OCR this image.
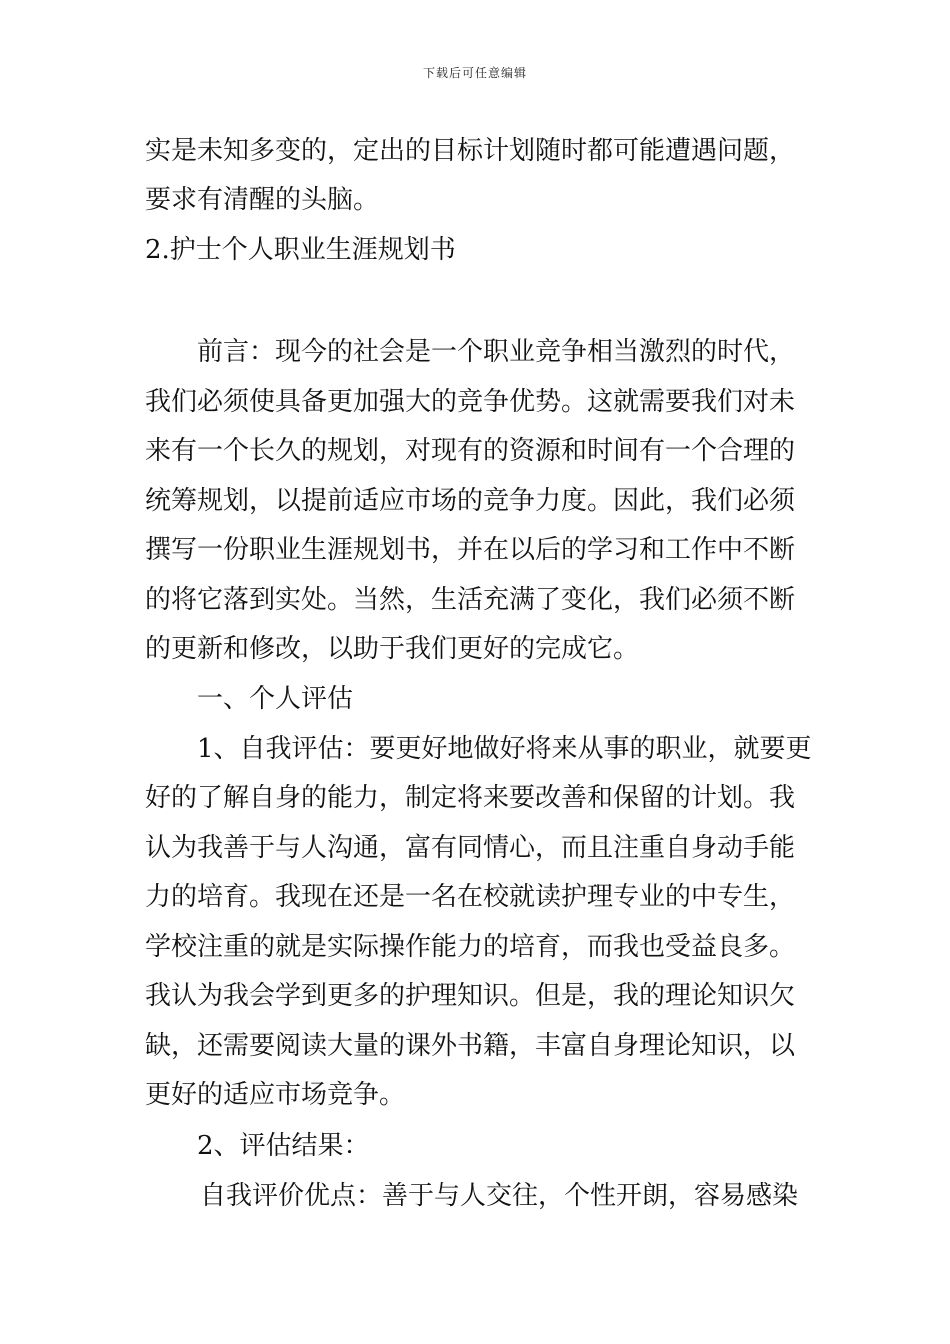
下载后可任意编辑
实是未知多变的，定出的目标计划随时都可能遭遇问题，
要求有清醒的头脑。
2.护士个人职业生涯规划书
前言：现今的社会是一个职业竞争相当激烈的时代，
我们必须使具备更加强大的竞争优势。这就需要我们对未
来有一个长久的规划，对现有的资源和时间有一个合理的
统筹规划，以提前适应市场的竞争力度。因此，我们必须
撰写一份职业生涯规划书，并在以后的学习和工作中不断
的将它落到实处。当然，生活充满了变化，我们必须不断
的更新和修改，以助于我们更好的完成它。
一、个人评估
1、自我评估：要更好地做好将来从事的职业，就要更
好的了解自身的能力，制定将来要改善和保留的计划。我
认为我善于与人沟通，富有同情心，而且注重自身动手能
力的培育。我现在还是一名在校就读护理专业的中专生，
学校注重的就是实际操作能力的培育，而我也受益良多。
我认为我会学到更多的护理知识。但是，我的理论知识欠
缺，还需要阅读大量的课外书籍，丰富自身理论知识，以
更好的适应市场竞争。
2、评估结果：
自我评价优点：善于与人交往，个性开朗，容易感染
